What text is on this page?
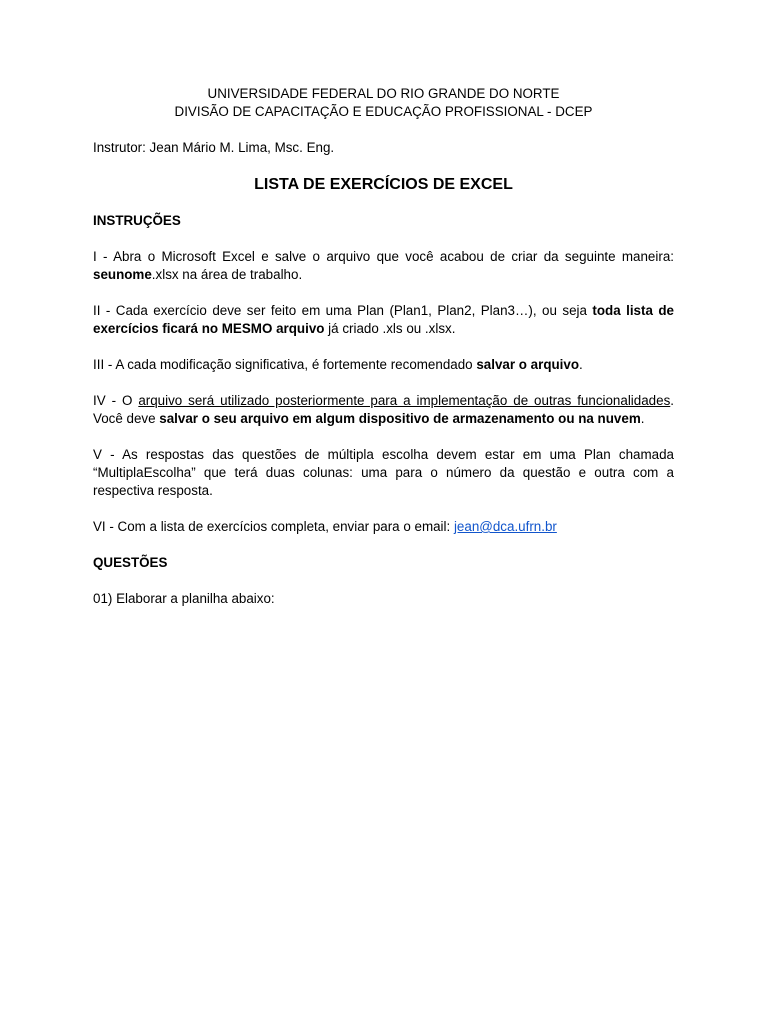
UNIVERSIDADE FEDERAL DO RIO GRANDE DO NORTE
DIVISÃO DE CAPACITAÇÃO E EDUCAÇÃO PROFISSIONAL - DCEP
Instrutor: Jean Mário M. Lima, Msc. Eng.
LISTA DE EXERCÍCIOS DE EXCEL
INSTRUÇÕES
I - Abra o Microsoft Excel e salve o arquivo que você acabou de criar da seguinte maneira: seunome.xlsx na área de trabalho.
II - Cada exercício deve ser feito em uma Plan (Plan1, Plan2, Plan3…), ou seja toda lista de exercícios ficará no MESMO arquivo já criado .xls ou .xlsx.
III - A cada modificação significativa, é fortemente recomendado salvar o arquivo.
IV - O arquivo será utilizado posteriormente para a implementação de outras funcionalidades. Você deve salvar o seu arquivo em algum dispositivo de armazenamento ou na nuvem.
V - As respostas das questões de múltipla escolha devem estar em uma Plan chamada “MultiplaEscolha” que terá duas colunas: uma para o número da questão e outra com a respectiva resposta.
VI - Com a lista de exercícios completa, enviar para o email: jean@dca.ufrn.br
QUESTÕES
01) Elaborar a planilha abaixo:
